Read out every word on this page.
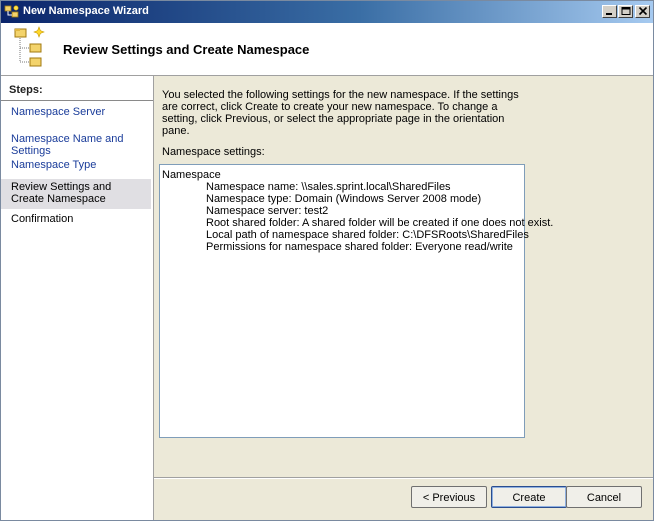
New Namespace Wizard
Review Settings and Create Namespace
Steps:
Namespace Server
Namespace Name and Settings
Namespace Type
Review Settings and Create Namespace
Confirmation
You selected the following settings for the new namespace. If the settings are correct, click Create to create your new namespace. To change a setting, click Previous, or select the appropriate page in the orientation pane.
Namespace settings:
Namespace
Namespace name: \\sales.sprint.local\SharedFiles
Namespace type: Domain (Windows Server 2008 mode)
Namespace server: test2
Root shared folder: A shared folder will be created if one does not exist.
Local path of namespace shared folder: C:\DFSRoots\SharedFiles
Permissions for namespace shared folder: Everyone read/write
< Previous	Create	Cancel
